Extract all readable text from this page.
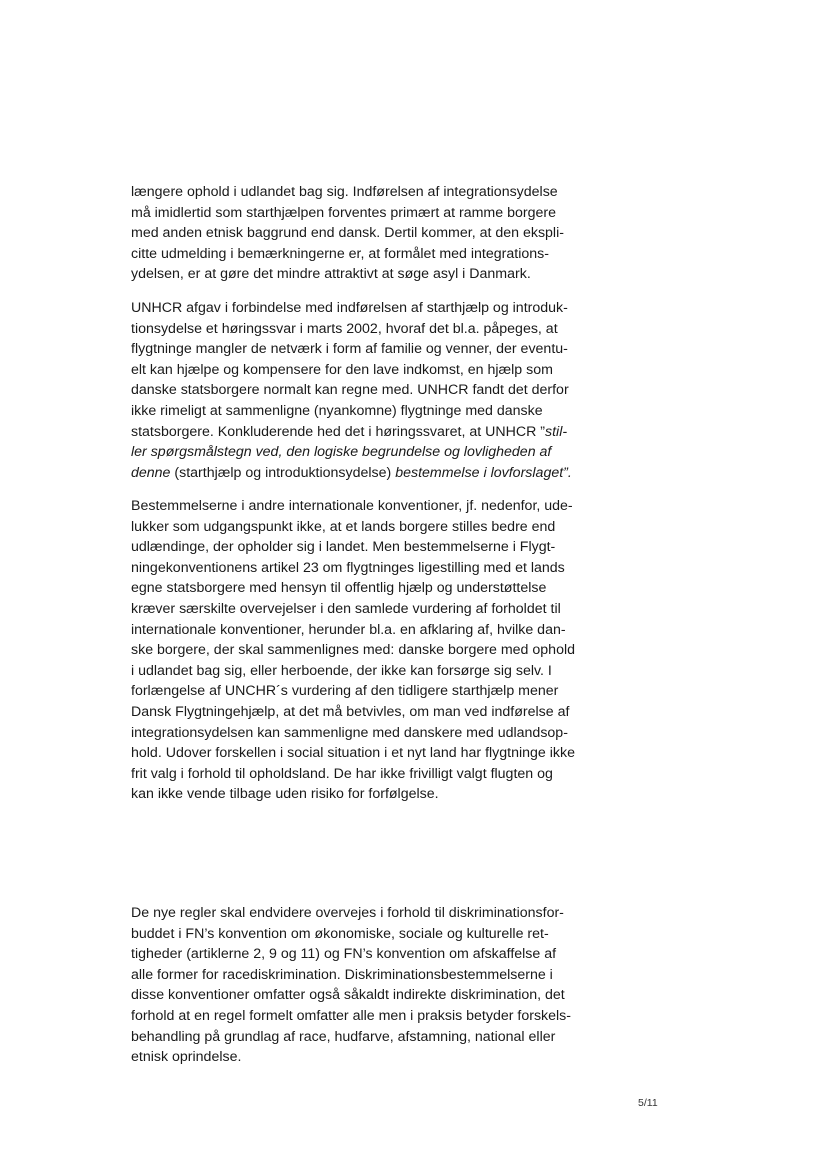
længere ophold i udlandet bag sig. Indførelsen af integrationsydelse
må imidlertid som starthjælpen forventes primært at ramme borgere
med anden etnisk baggrund end dansk. Dertil kommer, at den ekspli-
citte udmelding i bemærkningerne er, at formålet med integrations-
ydelsen, er at gøre det mindre attraktivt at søge asyl i Danmark.

UNHCR afgav i forbindelse med indførelsen af starthjælp og introduk-
tionsydelse et høringssvar i marts 2002, hvoraf det bl.a. påpeges, at
flygtninge mangler de netværk i form af familie og venner, der eventu-
elt kan hjælpe og kompensere for den lave indkomst, en hjælp som
danske statsborgere normalt kan regne med. UNHCR fandt det derfor
ikke rimeligt at sammenligne (nyankomne) flygtninge med danske
statsborgere. Konkluderende hed det i høringssvaret, at UNHCR ”stil-
ler spørgsmålstegn ved, den logiske begrundelse og lovligheden af
denne (starthjælp og introduktionsydelse) bestemmelse i lovforslaget”.

Bestemmelserne i andre internationale konventioner, jf. nedenfor, ude-
lukker som udgangspunkt ikke, at et lands borgere stilles bedre end
udlændinge, der opholder sig i landet. Men bestemmelserne i Flygt-
ningekonventionens artikel 23 om flygtninges ligestilling med et lands
egne statsborgere med hensyn til offentlig hjælp og understøttelse
kræver særskilte overvejelser i den samlede vurdering af forholdet til
internationale konventioner, herunder bl.a. en afklaring af, hvilke dan-
ske borgere, der skal sammenlignes med: danske borgere med ophold
i udlandet bag sig, eller herboende, der ikke kan forsørge sig selv. I
forlængelse af UNCHR´s vurdering af den tidligere starthjælp mener
Dansk Flygtningehjælp, at det må betvivles, om man ved indførelse af
integrationsydelsen kan sammenligne med danskere med udlandsop-
hold. Udover forskellen i social situation i et nyt land har flygtninge ikke
frit valg i forhold til opholdsland. De har ikke frivilligt valgt flugten og
kan ikke vende tilbage uden risiko for forfølgelse.

De nye regler skal endvidere overvejes i forhold til diskriminationsfor-
buddet i FN’s konvention om økonomiske, sociale og kulturelle ret-
tigheder (artiklerne 2, 9 og 11) og FN’s konvention om afskaffelse af
alle former for racediskrimination. Diskriminationsbestemmelserne i
disse konventioner omfatter også såkaldt indirekte diskrimination, det
forhold at en regel formelt omfatter alle men i praksis betyder forskels-
behandling på grundlag af race, hudfarve, afstamning, national eller
etnisk oprindelse.

5/11
